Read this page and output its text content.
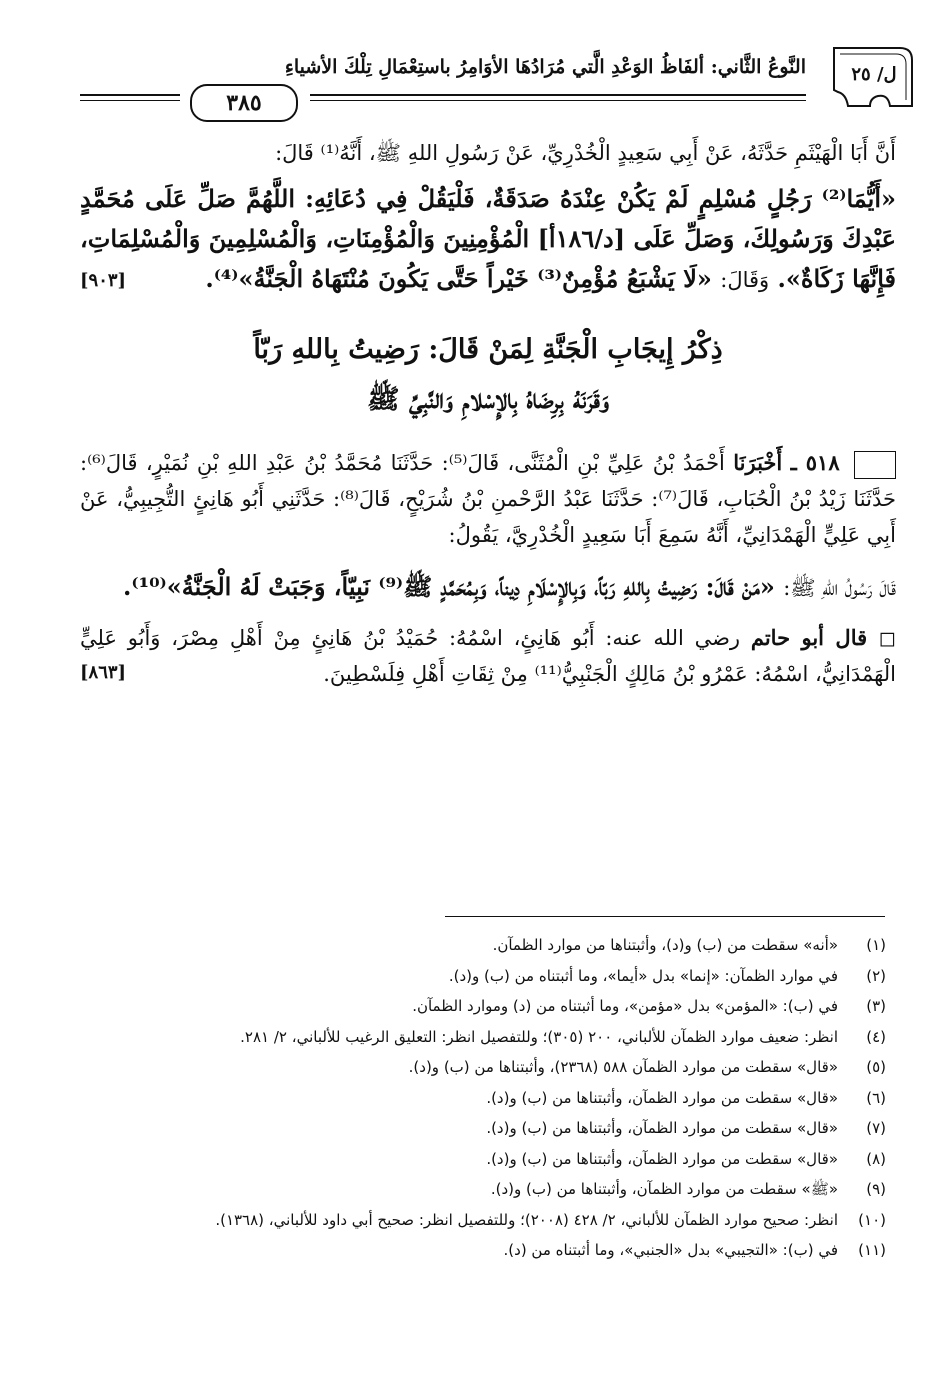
ل/ ٢٥
النَّوعُ الثَّاني: ألفَاظُ الوَعْدِ الَّتي مُرَادُهَا الأوَامِرُ باستِعْمَالِ تِلْكَ الأشياءِ
٣٨٥

أَنَّ أَبَا الْهَيْثَمِ حَدَّثَهُ، عَنْ أَبِي سَعِيدٍ الْخُدْرِيِّ، عَنْ رَسُولِ اللهِ ﷺ، أَنَّهُ⁽¹⁾ قَالَ:

«أَيُّمَا⁽²⁾ رَجُلٍ مُسْلِمٍ لَمْ يَكُنْ عِنْدَهُ صَدَقَةٌ، فَلْيَقُلْ فِي دُعَائِهِ: اللَّهُمَّ صَلِّ عَلَى مُحَمَّدٍ عَبْدِكَ وَرَسُولِكَ، وَصَلِّ عَلَى [د/١٨٦أ] الْمُؤْمِنِينَ وَالْمُؤْمِنَاتِ، وَالْمُسْلِمِينَ وَالْمُسْلِمَاتِ، فَإِنَّهَا زَكَاةٌ». وَقَالَ: «لَا يَشْبَعُ مُؤْمِنٌ⁽³⁾ خَيْراً حَتَّى يَكُونَ مُنْتَهَاهُ الْجَنَّةُ»⁽⁴⁾.

[٩٠٣]
ذِكْرُ إِيجَابِ الْجَنَّةِ لِمَنْ قَالَ: رَضِيتُ بِاللهِ رَبّاً
وَقَرَنَهُ بِرِضَاهُ بِالإِسْلامِ وَالنَّبِيِّ ﷺ

٥١٨ ـ أَخْبَرَنَا أَحْمَدُ بْنُ عَلِيِّ بْنِ الْمُثَنَّى، قَالَ⁽⁵⁾: حَدَّثَنَا مُحَمَّدُ بْنُ عَبْدِ اللهِ بْنِ نُمَيْرٍ، قَالَ⁽⁶⁾: حَدَّثَنَا زَيْدُ بْنُ الْحُبَابِ، قَالَ⁽⁷⁾: حَدَّثَنَا عَبْدُ الرَّحْمنِ بْنُ شُرَيْحٍ، قَالَ⁽⁸⁾: حَدَّثَنِي أَبُو هَانِئٍ التُّجِيبِيُّ، عَنْ أَبِي عَلِيٍّ الْهَمْدَانِيِّ، أَنَّهُ سَمِعَ أَبَا سَعِيدٍ الْخُدْرِيَّ، يَقُولُ:

قَالَ رَسُولُ اللهِ ﷺ: «مَنْ قَالَ: رَضِيتُ بِاللهِ رَبّاً، وَبِالإِسْلَامِ دِيناً، وَبِمُحَمَّدٍ ﷺ⁽⁹⁾ نَبِيّاً، وَجَبَتْ لَهُ الْجَنَّةُ»⁽¹⁰⁾.

◻ قال أبو حاتم رضي الله عنه: أَبُو هَانِئٍ، اسْمُهُ: حُمَيْدُ بْنُ هَانِئٍ مِنْ أَهْلِ مِصْرَ، وَأَبُو عَلِيٍّ الْهَمْدَانِيُّ، اسْمُهُ: عَمْرُو بْنُ مَالِكٍ الْجَنْبِيُّ⁽¹¹⁾ مِنْ ثِقَاتِ أَهْلِ فِلَسْطِينَ.

[٨٦٣]
(١)
«أنه» سقطت من (ب) و(د)، وأثبتناها من موارد الظمآن.
(٢)
في موارد الظمآن: «إنما» بدل «أيما»، وما أثبتناه من (ب) و(د).
(٣)
في (ب): «المؤمن» بدل «مؤمن»، وما أثبتناه من (د) وموارد الظمآن.
(٤)
انظر: ضعيف موارد الظمآن للألباني، ٢٠٠ (٣٠٥)؛ وللتفصيل انظر: التعليق الرغيب للألباني، ٢/ ٢٨١.
(٥)
«قال» سقطت من موارد الظمآن ٥٨٨ (٢٣٦٨)، وأثبتناها من (ب) و(د).
(٦)
«قال» سقطت من موارد الظمآن، وأثبتناها من (ب) و(د).
(٧)
«قال» سقطت من موارد الظمآن، وأثبتناها من (ب) و(د).
(٨)
«قال» سقطت من موارد الظمآن، وأثبتناها من (ب) و(د).
(٩)
«ﷺ» سقطت من موارد الظمآن، وأثبتناها من (ب) و(د).
(١٠)
انظر: صحيح موارد الظمآن للألباني، ٢/ ٤٢٨ (٢٠٠٨)؛ وللتفصيل انظر: صحيح أبي داود للألباني، (١٣٦٨).
(١١)
في (ب): «التجيبي» بدل «الجنبي»، وما أثبتناه من (د).
